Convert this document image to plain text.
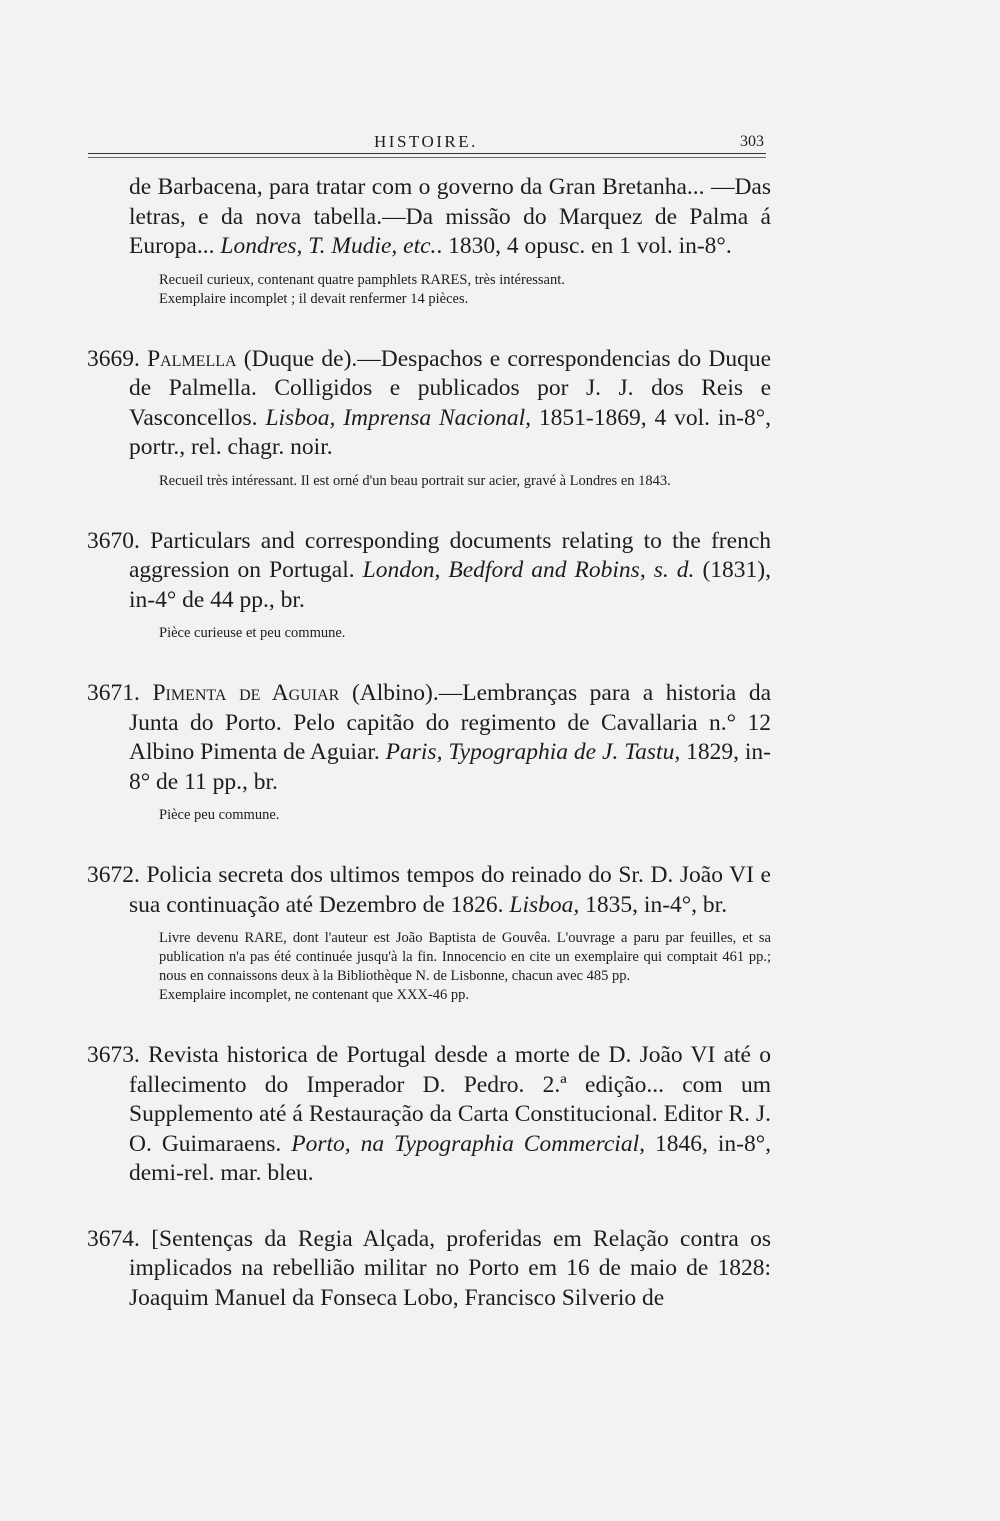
HISTOIRE.	303

de Barbacena, para tratar com o governo da Gran Bretanha... —Das letras, e da nova tabella.—Da missão do Marquez de Palma á Europa... Londres, T. Mudie, etc.. 1830, 4 opusc. en 1 vol. in-8°.

Recueil curieux, contenant quatre pamphlets RARES, très intéressant.

Exemplaire incomplet ; il devait renfermer 14 pièces.

3669. Palmella (Duque de).—Despachos e correspondencias do Duque de Palmella. Colligidos e publicados por J. J. dos Reis e Vasconcellos. Lisboa, Imprensa Nacional, 1851-1869, 4 vol. in-8°, portr., rel. chagr. noir.

Recueil très intéressant. Il est orné d'un beau portrait sur acier, gravé à Londres en 1843.

3670. Particulars and corresponding documents relating to the french aggression on Portugal. London, Bedford and Robins, s. d. (1831), in-4° de 44 pp., br.

Pièce curieuse et peu commune.

3671. Pimenta de Aguiar (Albino).—Lembranças para a historia da Junta do Porto. Pelo capitão do regimento de Cavallaria n.° 12 Albino Pimenta de Aguiar. Paris, Typographia de J. Tastu, 1829, in-8° de 11 pp., br.

Pièce peu commune.

3672. Policia secreta dos ultimos tempos do reinado do Sr. D. João VI e sua continuação até Dezembro de 1826. Lisboa, 1835, in-4°, br.

Livre devenu RARE, dont l'auteur est João Baptista de Gouvêa. L'ouvrage a paru par feuilles, et sa publication n'a pas été continuée jusqu'à la fin. Innocencio en cite un exemplaire qui comptait 461 pp.; nous en connaissons deux à la Bibliothèque N. de Lisbonne, chacun avec 485 pp.

Exemplaire incomplet, ne contenant que XXX-46 pp.

3673. Revista historica de Portugal desde a morte de D. João VI até o fallecimento do Imperador D. Pedro. 2.ª edição... com um Supplemento até á Restauração da Carta Constitucional. Editor R. J. O. Guimaraens. Porto, na Typographia Commercial, 1846, in-8°, demi-rel. mar. bleu.

3674. [Sentenças da Regia Alçada, proferidas em Relação contra os implicados na rebellião militar no Porto em 16 de maio de 1828: Joaquim Manuel da Fonseca Lobo, Francisco Silverio de
